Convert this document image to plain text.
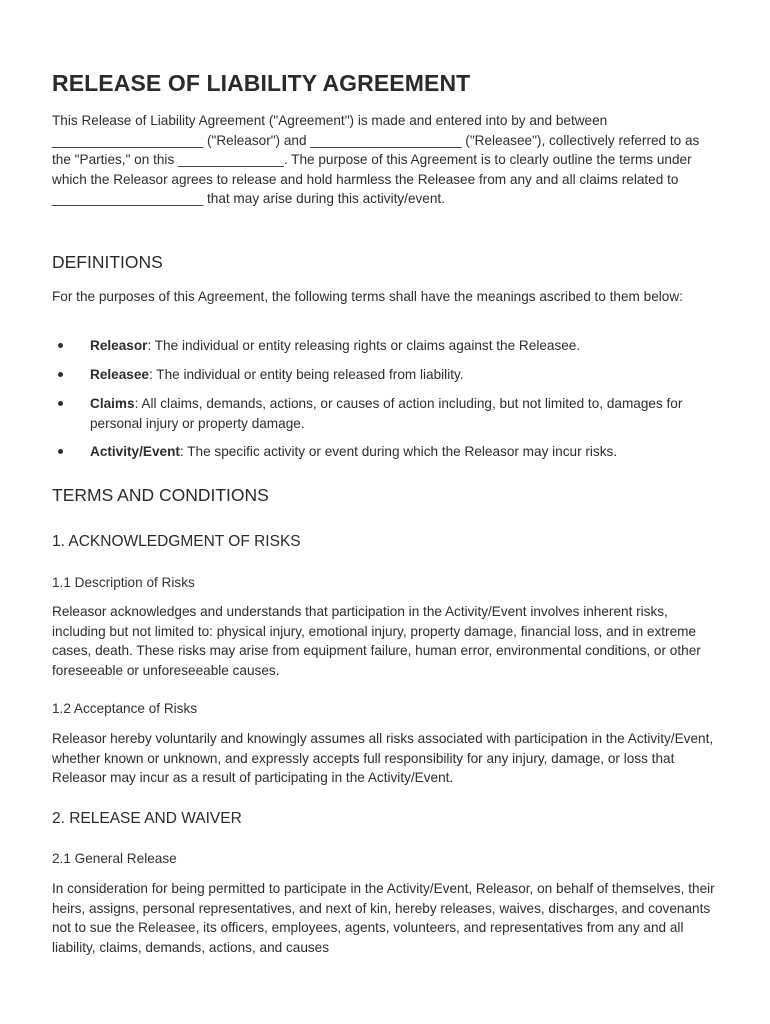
RELEASE OF LIABILITY AGREEMENT

This Release of Liability Agreement ("Agreement") is made and entered into by and between ____________________ ("Releasor") and ____________________ ("Releasee"), collectively referred to as the "Parties," on this ______________. The purpose of this Agreement is to clearly outline the terms under which the Releasor agrees to release and hold harmless the Releasee from any and all claims related to ____________________ that may arise during this activity/event.

DEFINITIONS

For the purposes of this Agreement, the following terms shall have the meanings ascribed to them below:

Releasor: The individual or entity releasing rights or claims against the Releasee.
Releasee: The individual or entity being released from liability.
Claims: All claims, demands, actions, or causes of action including, but not limited to, damages for personal injury or property damage.
Activity/Event: The specific activity or event during which the Releasor may incur risks.
TERMS AND CONDITIONS
1. ACKNOWLEDGMENT OF RISKS
1.1 Description of Risks

Releasor acknowledges and understands that participation in the Activity/Event involves inherent risks, including but not limited to: physical injury, emotional injury, property damage, financial loss, and in extreme cases, death. These risks may arise from equipment failure, human error, environmental conditions, or other foreseeable or unforeseeable causes.

1.2 Acceptance of Risks

Releasor hereby voluntarily and knowingly assumes all risks associated with participation in the Activity/Event, whether known or unknown, and expressly accepts full responsibility for any injury, damage, or loss that Releasor may incur as a result of participating in the Activity/Event.

2. RELEASE AND WAIVER
2.1 General Release

In consideration for being permitted to participate in the Activity/Event, Releasor, on behalf of themselves, their heirs, assigns, personal representatives, and next of kin, hereby releases, waives, discharges, and covenants not to sue the Releasee, its officers, employees, agents, volunteers, and representatives from any and all liability, claims, demands, actions, and causes
